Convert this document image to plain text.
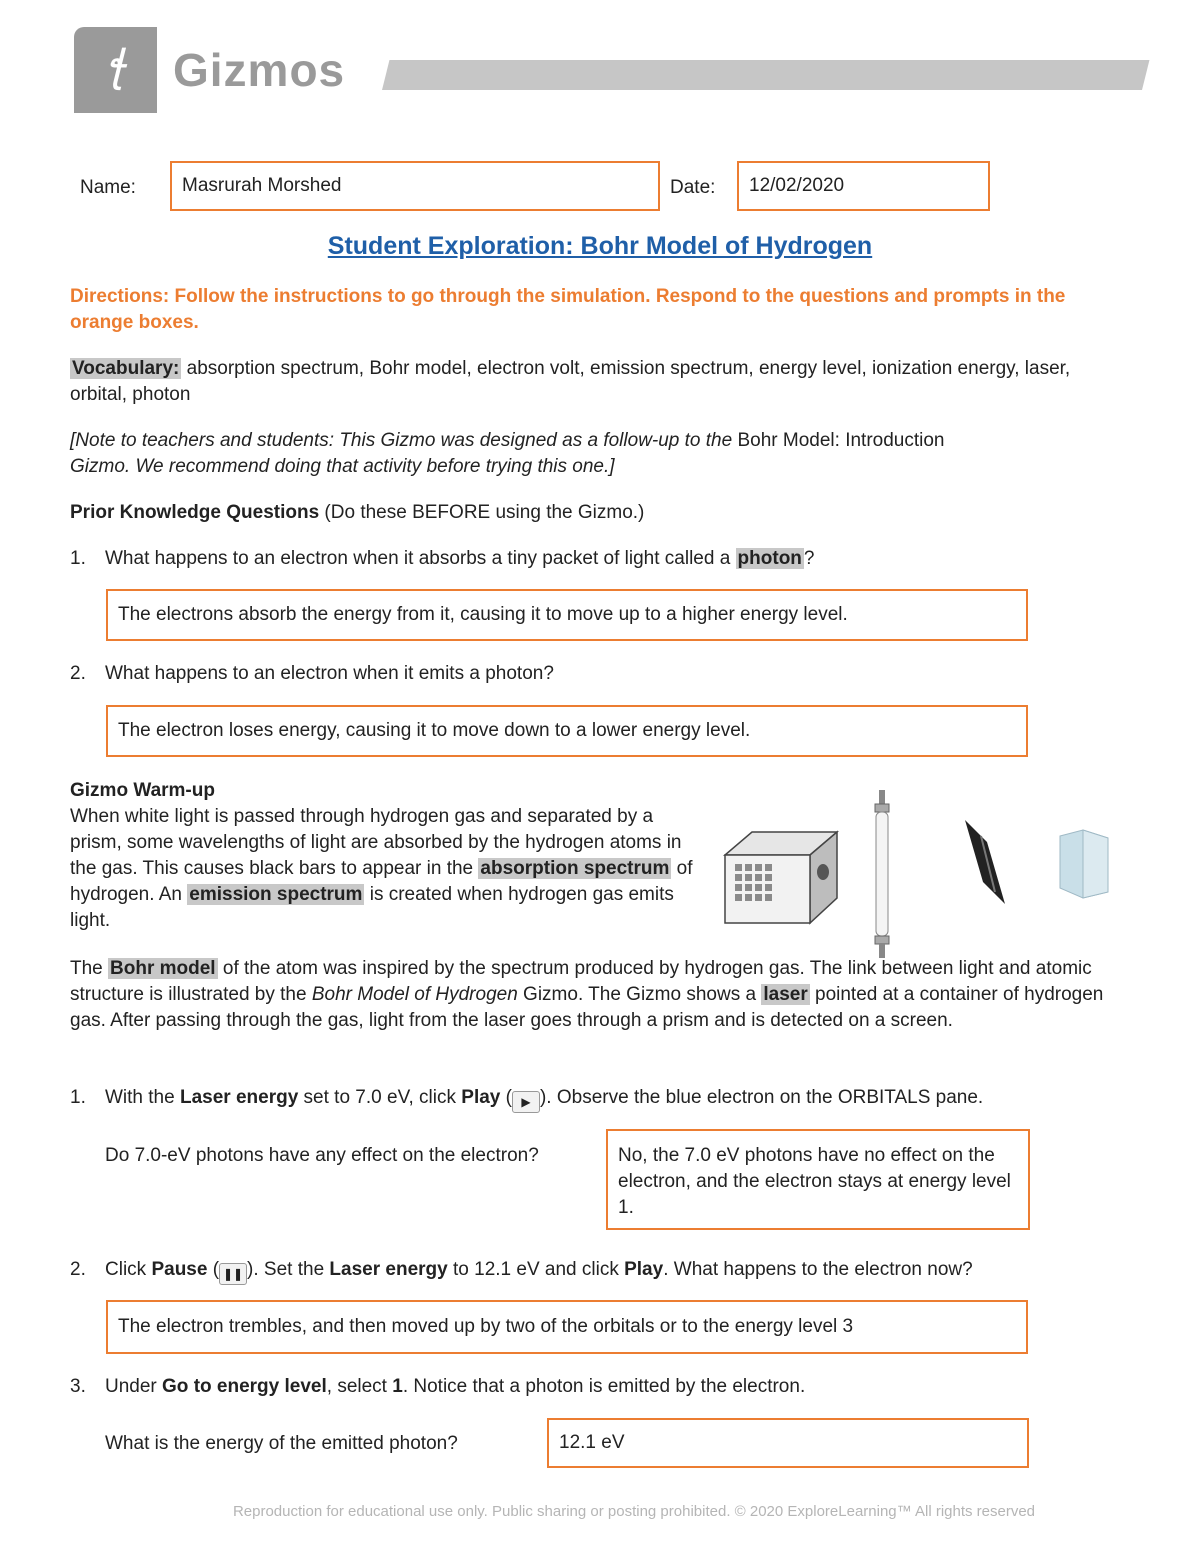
ꞎ	Gizmos
Name: Masrurah Morshed	Date: 12/02/2020
Student Exploration: Bohr Model of Hydrogen
Directions: Follow the instructions to go through the simulation. Respond to the questions and prompts in the orange boxes.
Vocabulary: absorption spectrum, Bohr model, electron volt, emission spectrum, energy level, ionization energy, laser, orbital, photon
[Note to teachers and students: This Gizmo was designed as a follow-up to the Bohr Model: Introduction
Gizmo. We recommend doing that activity before trying this one.]
Prior Knowledge Questions (Do these BEFORE using the Gizmo.)
1. What happens to an electron when it absorbs a tiny packet of light called a photon ?
The electrons absorb the energy from it, causing it to move up to a higher energy level.
2. What happens to an electron when it emits a photon?
The electron loses energy, causing it to move down to a lower energy level.
Gizmo Warm-up
When white light is passed through hydrogen gas and separated by a prism, some wavelengths of light are absorbed by the hydrogen atoms in the gas. This causes black bars to appear in the absorption spectrum of hydrogen. An emission spectrum is created when hydrogen gas emits light.
The Bohr model of the atom was inspired by the spectrum produced by hydrogen gas. The link between light and atomic structure is illustrated by the Bohr Model of Hydrogen Gizmo. The Gizmo shows a laser pointed at a container of hydrogen gas. After passing through the gas, light from the laser goes through a prism and is detected on a screen.
1. With the Laser energy set to 7.0 eV, click Play ( ▶ ). Observe the blue electron on the ORBITALS pane.
Do 7.0-eV photons have any effect on the electron?	No, the 7.0 eV photons have no effect on the electron, and the electron stays at energy level 1.
2. Click Pause ( ❚❚ ). Set the Laser energy to 12.1 eV and click Play. What happens to the electron now?
The electron trembles, and then moved up by two of the orbitals or to the energy level 3
3. Under Go to energy level, select 1. Notice that a photon is emitted by the electron.
What is the energy of the emitted photon?	12.1 eV
Reproduction for educational use only. Public sharing or posting prohibited. © 2020 ExploreLearning™ All rights reserved
